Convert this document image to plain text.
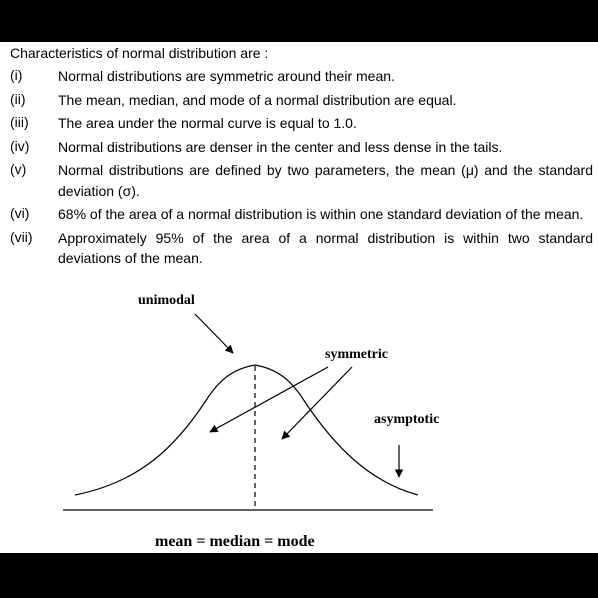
Characteristics of normal distribution are :
(i)	Normal distributions are symmetric around their mean.
(ii)	The mean, median, and mode of a normal distribution are equal.
(iii)	The area under the normal curve is equal to 1.0.
(iv)	Normal distributions are denser in the center and less dense in the tails.
(v)	Normal distributions are defined by two parameters, the mean (μ) and the standard deviation (σ).
(vi)	68% of the area of a normal distribution is within one standard deviation of the mean.
(vii)	Approximately 95% of the area of a normal distribution is within two standard deviations of the mean.
unimodal
symmetric
asymptotic
mean = median = mode
